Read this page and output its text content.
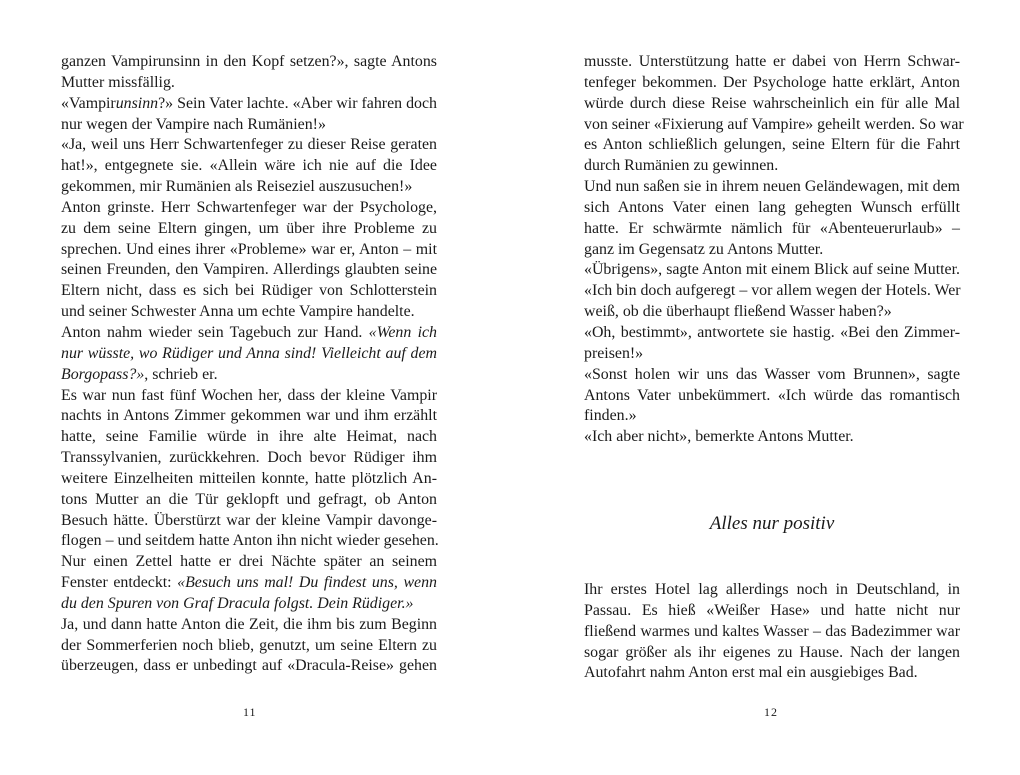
ganzen Vampirunsinn in den Kopf setzen?», sagte Antons
Mutter missfällig.
«Vampirunsinn?» Sein Vater lachte. «Aber wir fahren doch
nur wegen der Vampire nach Rumänien!»
«Ja, weil uns Herr Schwartenfeger zu dieser Reise geraten
hat!», entgegnete sie. «Allein wäre ich nie auf die Idee
gekommen, mir Rumänien als Reiseziel auszusuchen!»
Anton grinste. Herr Schwartenfeger war der Psychologe,
zu dem seine Eltern gingen, um über ihre Probleme zu
sprechen. Und eines ihrer «Probleme» war er, Anton – mit
seinen Freunden, den Vampiren. Allerdings glaubten seine
Eltern nicht, dass es sich bei Rüdiger von Schlotterstein
und seiner Schwester Anna um echte Vampire handelte.
Anton nahm wieder sein Tagebuch zur Hand. «Wenn ich
nur wüsste, wo Rüdiger und Anna sind! Vielleicht auf dem
Borgopass?», schrieb er.
Es war nun fast fünf Wochen her, dass der kleine Vampir
nachts in Antons Zimmer gekommen war und ihm erzählt
hatte, seine Familie würde in ihre alte Heimat, nach
Transsylvanien, zurückkehren. Doch bevor Rüdiger ihm
weitere Einzelheiten mitteilen konnte, hatte plötzlich An-
tons Mutter an die Tür geklopft und gefragt, ob Anton
Besuch hätte. Überstürzt war der kleine Vampir davonge-
flogen – und seitdem hatte Anton ihn nicht wieder gesehen.
Nur einen Zettel hatte er drei Nächte später an seinem
Fenster entdeckt: «Besuch uns mal! Du findest uns, wenn
du den Spuren von Graf Dracula folgst. Dein Rüdiger.»
Ja, und dann hatte Anton die Zeit, die ihm bis zum Beginn
der Sommerferien noch blieb, genutzt, um seine Eltern zu
überzeugen, dass er unbedingt auf «Dracula-Reise» gehen
11
musste. Unterstützung hatte er dabei von Herrn Schwar-
tenfeger bekommen. Der Psychologe hatte erklärt, Anton
würde durch diese Reise wahrscheinlich ein für alle Mal
von seiner «Fixierung auf Vampire» geheilt werden. So war
es Anton schließlich gelungen, seine Eltern für die Fahrt
durch Rumänien zu gewinnen.
Und nun saßen sie in ihrem neuen Geländewagen, mit dem
sich Antons Vater einen lang gehegten Wunsch erfüllt
hatte. Er schwärmte nämlich für «Abenteuerurlaub» –
ganz im Gegensatz zu Antons Mutter.
«Übrigens», sagte Anton mit einem Blick auf seine Mutter.
«Ich bin doch aufgeregt – vor allem wegen der Hotels. Wer
weiß, ob die überhaupt fließend Wasser haben?»
«Oh, bestimmt», antwortete sie hastig. «Bei den Zimmer-
preisen!»
«Sonst holen wir uns das Wasser vom Brunnen», sagte
Antons Vater unbekümmert. «Ich würde das romantisch
finden.»
«Ich aber nicht», bemerkte Antons Mutter.
Alles nur positiv
Ihr erstes Hotel lag allerdings noch in Deutschland, in
Passau. Es hieß «Weißer Hase» und hatte nicht nur
fließend warmes und kaltes Wasser – das Badezimmer war
sogar größer als ihr eigenes zu Hause. Nach der langen
Autofahrt nahm Anton erst mal ein ausgiebiges Bad.
12
